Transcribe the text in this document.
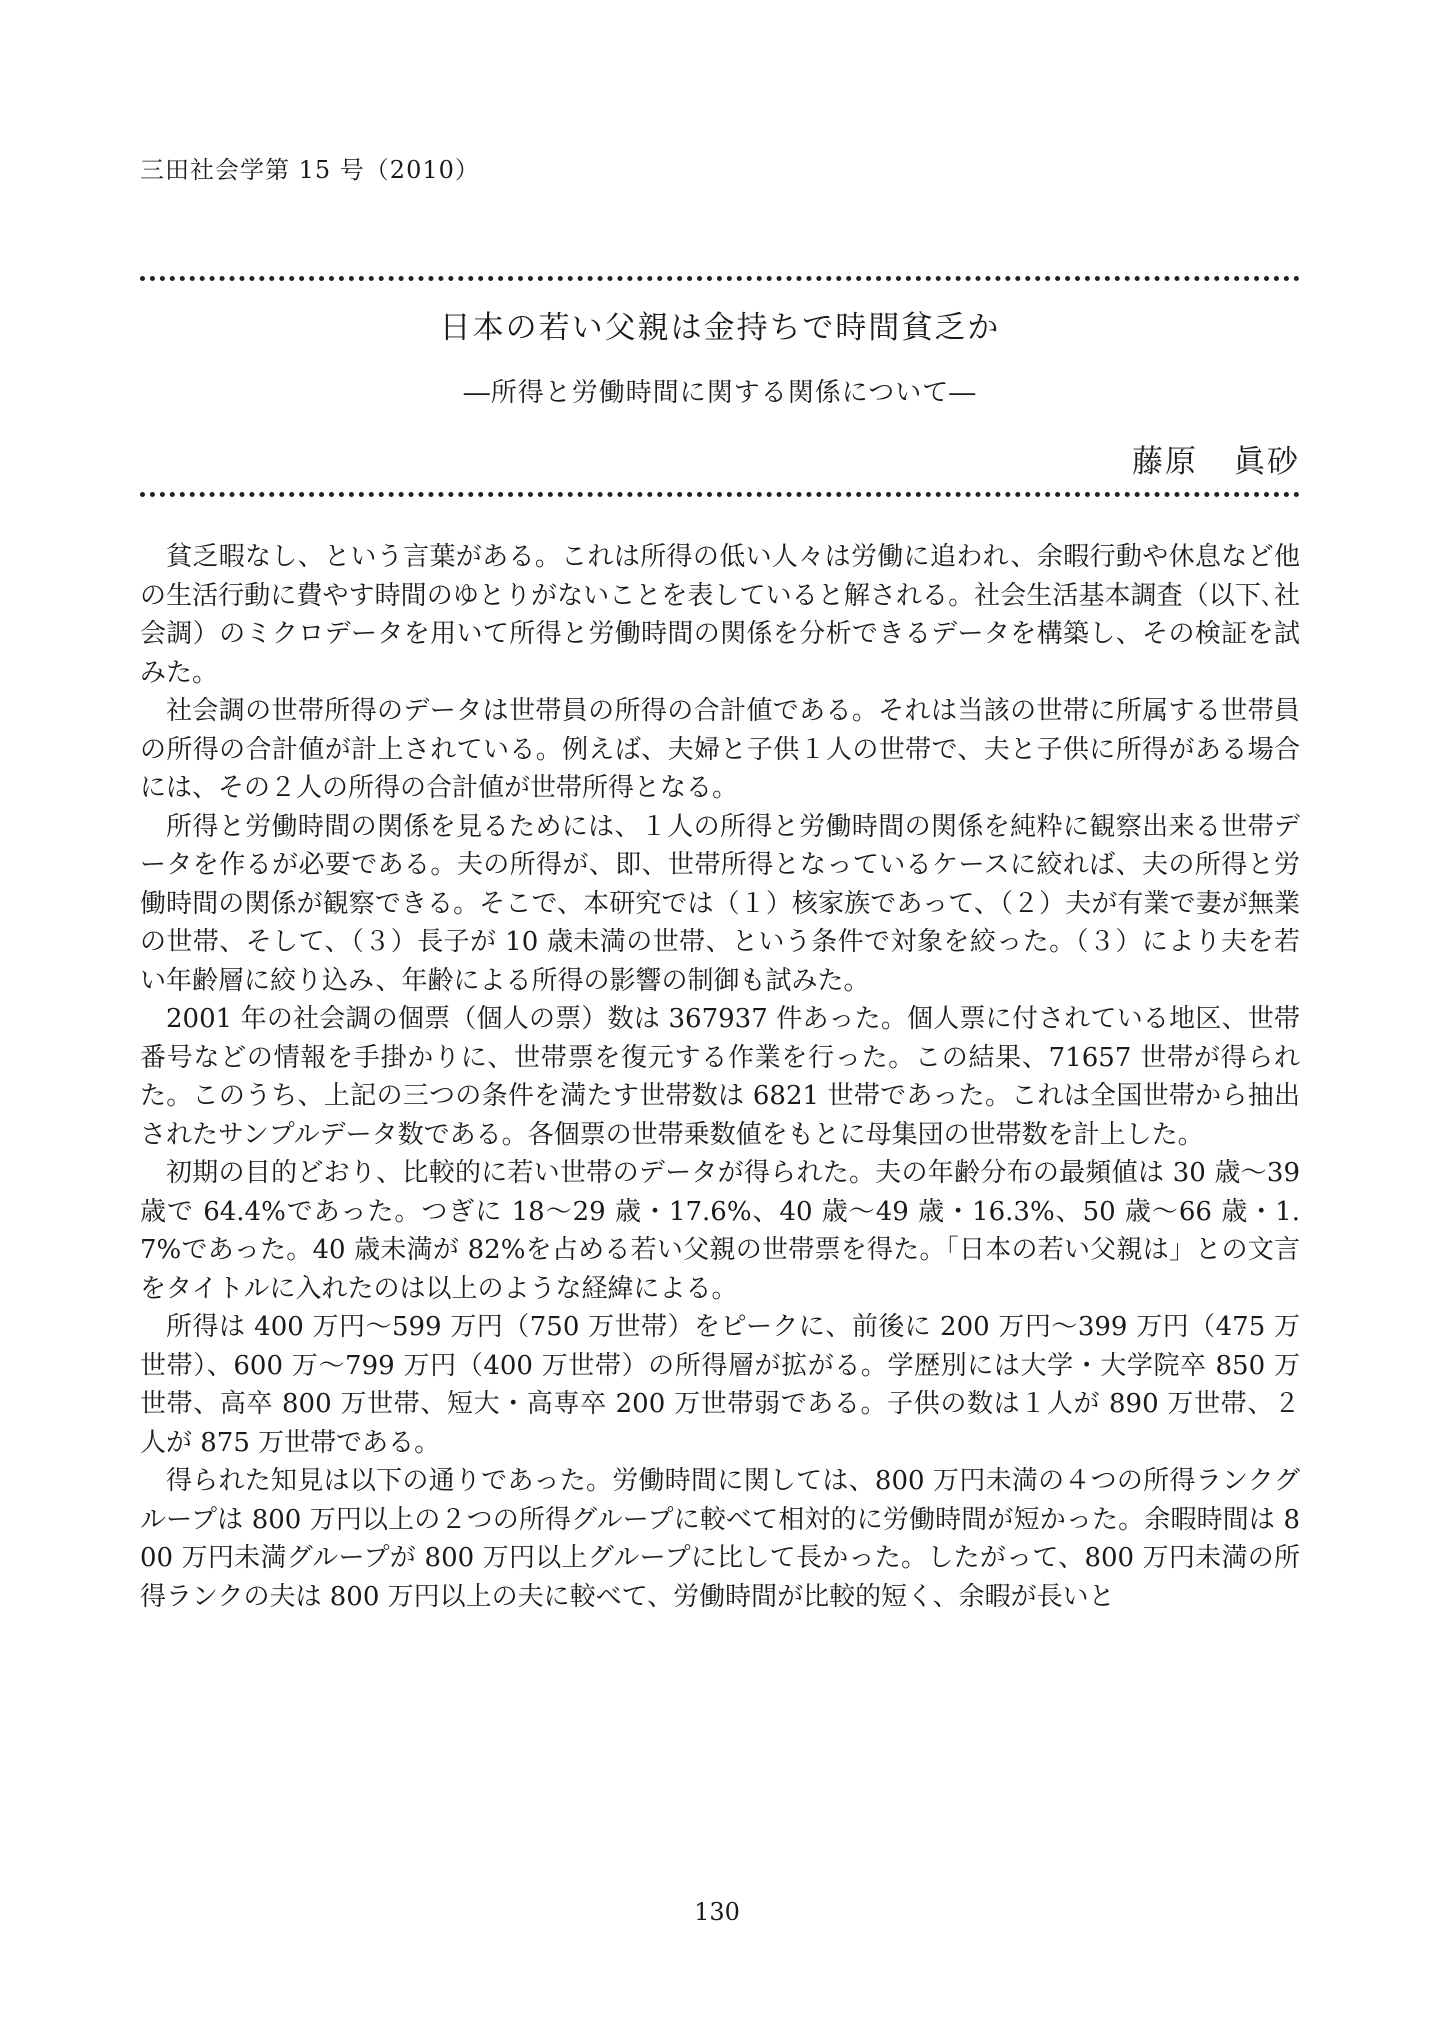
三田社会学第 15 号（2010）
日本の若い父親は金持ちで時間貧乏か
―所得と労働時間に関する関係について―
藤原 眞砂

貧乏暇なし、という言葉がある。これは所得の低い人々は労働に追われ、余暇行動や休息など他の生活行動に費やす時間のゆとりがないことを表していると解される。社会生活基本調査（以下､社会調）のミクロデータを用いて所得と労働時間の関係を分析できるデータを構築し、その検証を試みた。

社会調の世帯所得のデータは世帯員の所得の合計値である。それは当該の世帯に所属する世帯員の所得の合計値が計上されている。例えば、夫婦と子供１人の世帯で、夫と子供に所得がある場合には、その２人の所得の合計値が世帯所得となる。

所得と労働時間の関係を見るためには、１人の所得と労働時間の関係を純粋に観察出来る世帯データを作るが必要である。夫の所得が、即、世帯所得となっているケースに絞れば、夫の所得と労働時間の関係が観察できる。そこで、本研究では（１）核家族であって、（２）夫が有業で妻が無業の世帯、そして、（３）長子が 10 歳未満の世帯、という条件で対象を絞った。（３）により夫を若い年齢層に絞り込み、年齢による所得の影響の制御も試みた。

2001 年の社会調の個票（個人の票）数は 367937 件あった。個人票に付されている地区、世帯番号などの情報を手掛かりに、世帯票を復元する作業を行った。この結果、71657 世帯が得られた。このうち、上記の三つの条件を満たす世帯数は 6821 世帯であった。これは全国世帯から抽出されたサンプルデータ数である。各個票の世帯乗数値をもとに母集団の世帯数を計上した。

初期の目的どおり、比較的に若い世帯のデータが得られた。夫の年齢分布の最頻値は 30 歳～39 歳で 64.4%であった。つぎに 18～29 歳・17.6%、40 歳～49 歳・16.3%、50 歳～66 歳・1.7%であった。40 歳未満が 82%を占める若い父親の世帯票を得た。「日本の若い父親は」との文言をタイトルに入れたのは以上のような経緯による。

所得は 400 万円～599 万円（750 万世帯）をピークに、前後に 200 万円～399 万円（475 万世帯）、600 万～799 万円（400 万世帯）の所得層が拡がる。学歴別には大学・大学院卒 850 万世帯、高卒 800 万世帯、短大・高専卒 200 万世帯弱である。子供の数は１人が 890 万世帯、２人が 875 万世帯である。

得られた知見は以下の通りであった。労働時間に関しては、800 万円未満の４つの所得ランクグループは 800 万円以上の２つの所得グループに較べて相対的に労働時間が短かった。余暇時間は 800 万円未満グループが 800 万円以上グループに比して長かった。したがって、800 万円未満の所得ランクの夫は 800 万円以上の夫に較べて、労働時間が比較的短く、余暇が長いと

130
